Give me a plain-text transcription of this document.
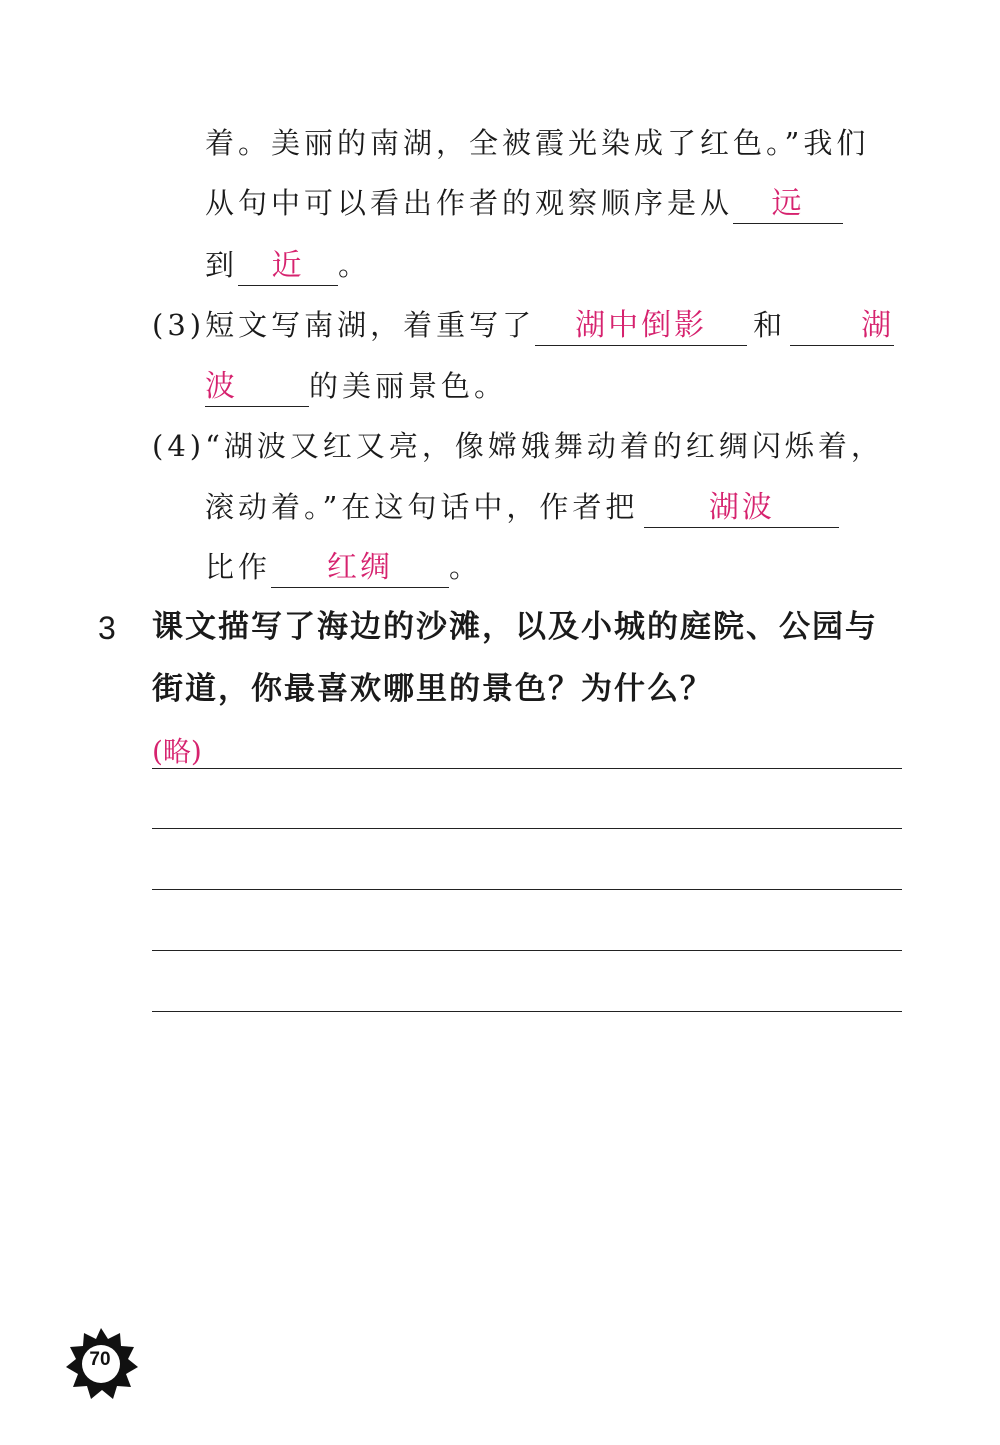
着。美丽的南湖，全被霞光染成了红色。”我们
从句中可以看出作者的观察顺序是从 远
到 近 。
(3)短文写南湖，着重写了 湖中倒影 和	湖
波 的美丽景色。
(4)“湖波又红又亮，像嫦娥舞动着的红绸闪烁着，
滚动着。”在这句话中，作者把 湖波
比作 红绸 。
3 课文描写了海边的沙滩，以及小城的庭院、公园与
街道，你最喜欢哪里的景色？为什么？
(略)
70
